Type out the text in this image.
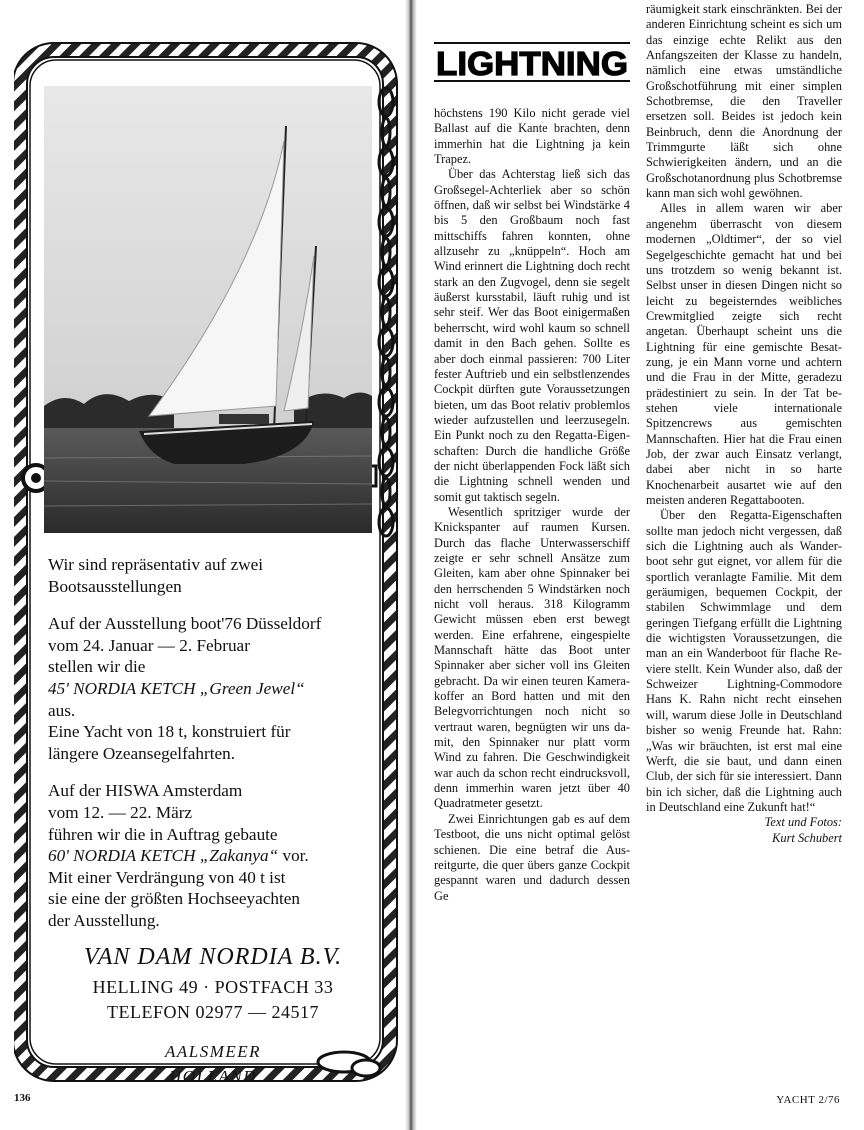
Wir sind repräsentativ auf zwei Bootsausstellungen

Auf der Ausstellung boot'76 Düsseldorf
vom 24. Januar — 2. Februar
stellen wir die
45' NORDIA KETCH „Green Jewel“
aus.
Eine Yacht von 18 t, konstruiert für
längere Ozeansegelfahrten.

Auf der HISWA Amsterdam
vom 12. — 22. März
führen wir die in Auftrag gebaute
60' NORDIA KETCH „Zakanya“ vor.
Mit einer Verdrängung von 40 t ist
sie eine der größten Hochseeyachten
der Ausstellung.

VAN DAM NORDIA B.V.
HELLING 49 · POSTFACH 33
TELEFON 02977 — 24517
AALSMEER
HOLLAND
136
LIGHTNING

höchstens 190 Kilo nicht gerade viel Ballast auf die Kante brachten, denn immerhin hat die Lightning ja kein Trapez.

Über das Achterstag ließ sich das Großsegel-Achterliek aber so schön öffnen, daß wir selbst bei Windstärke 4 bis 5 den Großbaum noch fast mittschiffs fahren konnten, ohne allzusehr zu „knüppeln“. Hoch am Wind erinnert die Lightning doch recht stark an den Zugvogel, denn sie segelt äußerst kursstabil, läuft ruhig und ist sehr steif. Wer das Boot einigermaßen beherrscht, wird wohl kaum so schnell damit in den Bach gehen. Sollte es aber doch einmal passieren: 700 Liter fester Auftrieb und ein selbstlenzendes Cockpit dürften gute Voraussetzungen bieten, um das Boot relativ problemlos wieder aufzustellen und leerzusegeln. Ein Punkt noch zu den Regatta-Eigenschaften: Durch die handliche Größe der nicht überlappenden Fock läßt sich die Lightning schnell wenden und somit gut taktisch segeln.

Wesentlich spritziger wurde der Knickspanter auf raumen Kursen. Durch das flache Unterwasserschiff zeigte er sehr schnell Ansätze zum Gleiten, kam aber ohne Spinnaker bei den herrschenden 5 Windstärken noch nicht voll heraus. 318 Kilogramm Gewicht müssen eben erst bewegt werden. Eine erfahrene, eingespielte Mannschaft hätte das Boot unter Spinnaker aber sicher voll ins Gleiten gebracht. Da wir einen teuren Kamerakoffer an Bord hatten und mit den Belegvorrichtungen noch nicht so vertraut waren, begnügten wir uns damit, den Spinnaker nur platt vorm Wind zu fahren. Die Geschwindigkeit war auch da schon recht eindrucksvoll, denn immerhin waren jetzt über 40 Quadratmeter gesetzt.

Zwei Einrichtungen gab es auf dem Testboot, die uns nicht optimal gelöst schienen. Die eine betraf die Ausreitgurte, die quer übers ganze Cockpit gespannt waren und dadurch dessen Ge

räumigkeit stark einschränkten. Bei der anderen Einrichtung scheint es sich um das einzige echte Relikt aus den Anfangszeiten der Klasse zu handeln, nämlich eine etwas umständliche Großschotführung mit einer simplen Schotbremse, die den Traveller ersetzen soll. Beides ist jedoch kein Beinbruch, denn die Anordnung der Trimmgurte läßt sich ohne Schwierigkeiten ändern, und an die Großschotanordnung plus Schotbremse kann man sich wohl gewöhnen.

Alles in allem waren wir aber angenehm überrascht von diesem modernen „Oldtimer“, der so viel Segelgeschichte gemacht hat und bei uns trotzdem so wenig bekannt ist. Selbst unser in diesen Dingen nicht so leicht zu begeisterndes weibliches Crewmitglied zeigte sich recht angetan. Überhaupt scheint uns die Lightning für eine gemischte Besatzung, je ein Mann vorne und achtern und die Frau in der Mitte, geradezu prädestiniert zu sein. In der Tat bestehen viele internationale Spitzencrews aus gemischten Mannschaften. Hier hat die Frau einen Job, der zwar auch Einsatz verlangt, dabei aber nicht in so harte Knochenarbeit ausartet wie auf den meisten anderen Regattabooten.

Über den Regatta-Eigenschaften sollte man jedoch nicht vergessen, daß sich die Lightning auch als Wanderboot sehr gut eignet, vor allem für die sportlich veranlagte Familie. Mit dem geräumigen, bequemen Cockpit, der stabilen Schwimmlage und dem geringen Tiefgang erfüllt die Lightning die wichtigsten Voraussetzungen, die man an ein Wanderboot für flache Reviere stellt. Kein Wunder also, daß der Schweizer Lightning-Commodore Hans K. Rahn nicht recht einsehen will, warum diese Jolle in Deutschland bisher so wenig Freunde hat. Rahn: „Was wir bräuchten, ist erst mal eine Werft, die sie baut, und dann einen Club, der sich für sie interessiert. Dann bin ich sicher, daß die Lightning auch in Deutschland eine Zukunft hat!“

Text und Fotos:

Kurt Schubert

YACHT 2/76
